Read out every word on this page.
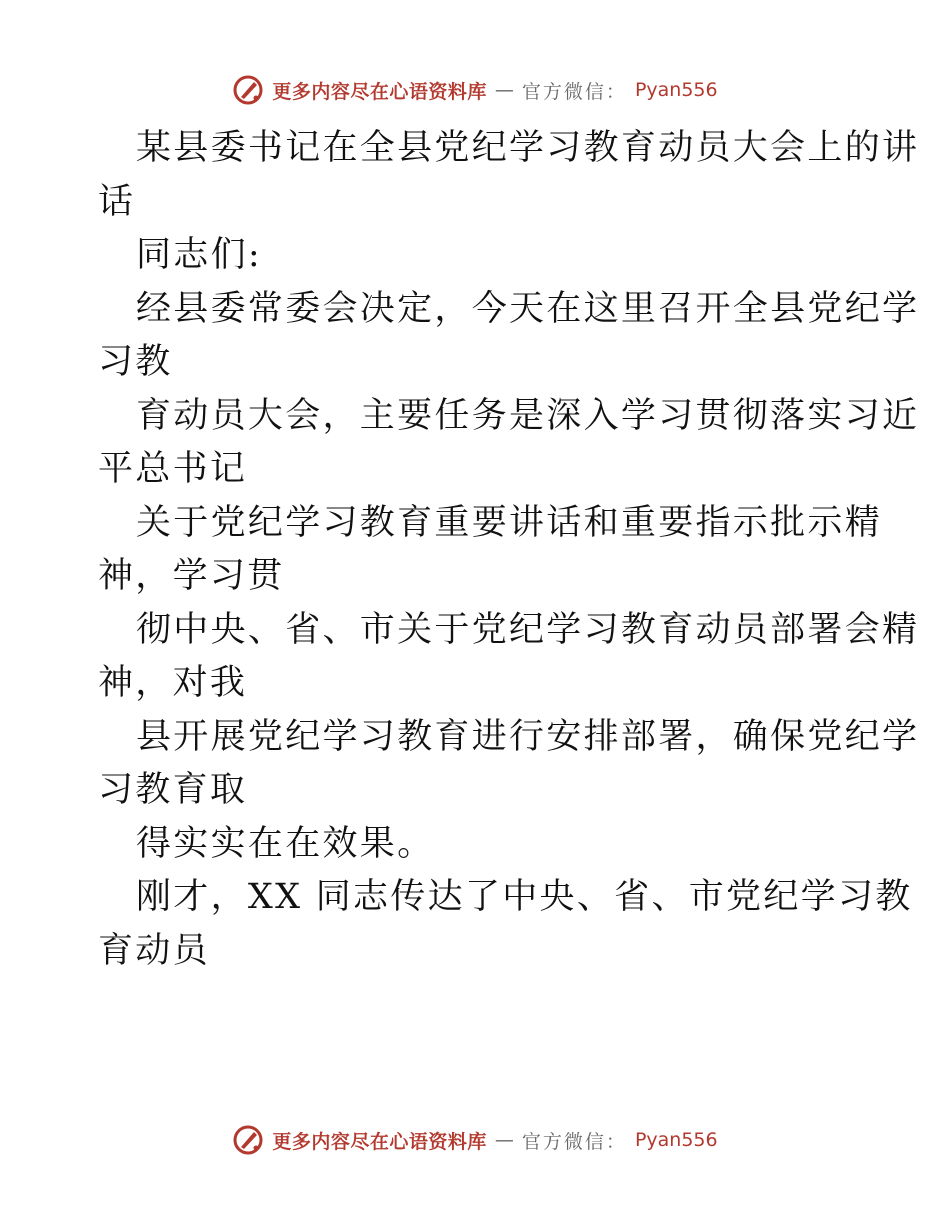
更多内容尽在心语资料库 — 官方微信： Pyan556

某县委书记在全县党纪学习教育动员大会上的讲
话

同志们:

经县委常委会决定，今天在这里召开全县党纪学
习教

育动员大会，主要任务是深入学习贯彻落实习近
平总书记

关于党纪学习教育重要讲话和重要指示批示精
神，学习贯

彻中央、省、市关于党纪学习教育动员部署会精
神，对我

县开展党纪学习教育进行安排部署，确保党纪学
习教育取

得实实在在效果。

刚才，XX 同志传达了中央、省、市党纪学习教
育动员

更多内容尽在心语资料库 — 官方微信： Pyan556
